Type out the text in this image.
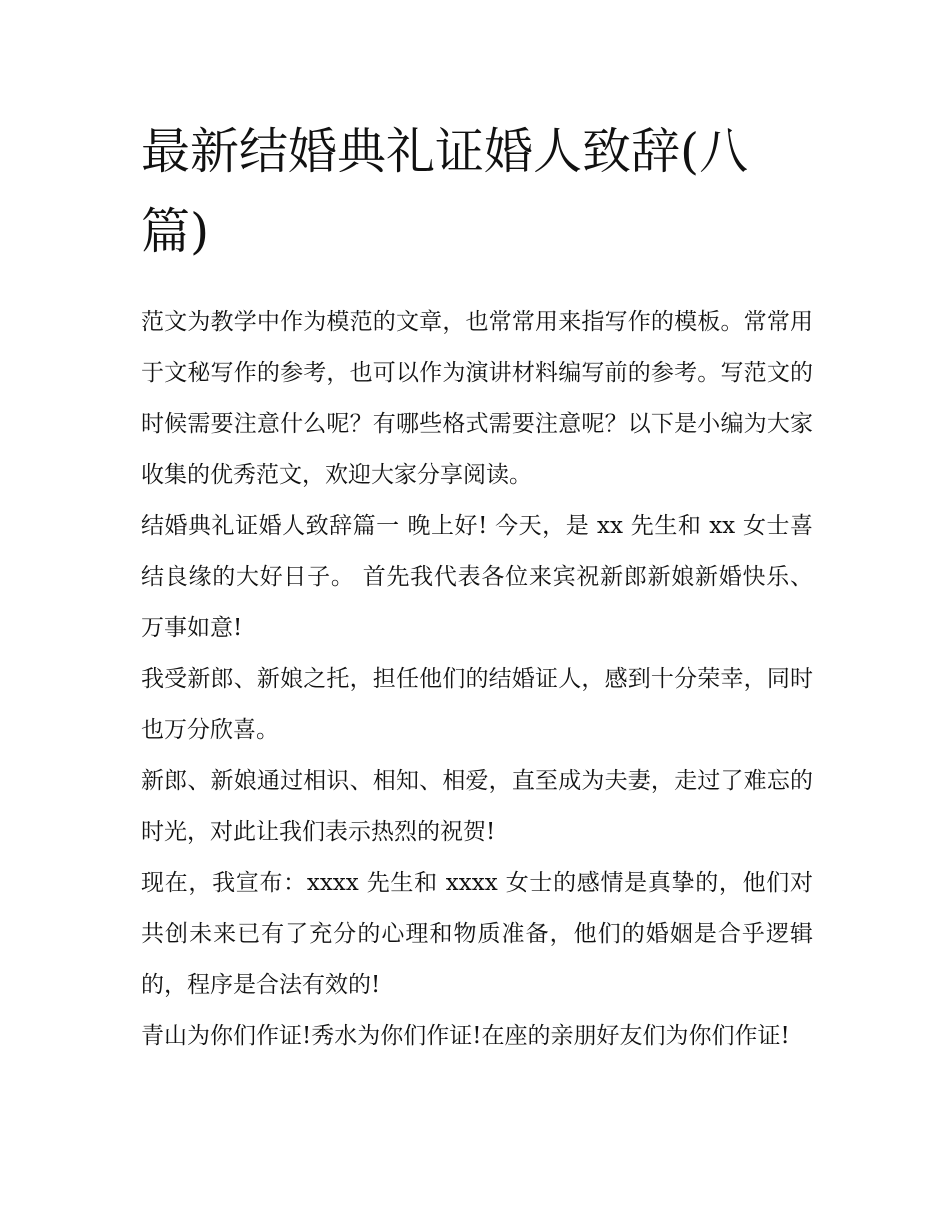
最新结婚典礼证婚人致辞(八篇)

范文为教学中作为模范的文章，也常常用来指写作的模板。常常用于文秘写作的参考，也可以作为演讲材料编写前的参考。写范文的时候需要注意什么呢？有哪些格式需要注意呢？以下是小编为大家收集的优秀范文，欢迎大家分享阅读。

结婚典礼证婚人致辞篇一 晚上好! 今天，是 xx 先生和 xx 女士喜结良缘的大好日子。 首先我代表各位来宾祝新郎新娘新婚快乐、万事如意!

我受新郎、新娘之托，担任他们的结婚证人，感到十分荣幸，同时也万分欣喜。

新郎、新娘通过相识、相知、相爱，直至成为夫妻，走过了难忘的时光，对此让我们表示热烈的祝贺!

现在，我宣布：xxxx 先生和 xxxx 女士的感情是真挚的，他们对共创未来已有了充分的心理和物质准备，他们的婚姻是合乎逻辑的，程序是合法有效的!

青山为你们作证!秀水为你们作证!在座的亲朋好友们为你们作证!
